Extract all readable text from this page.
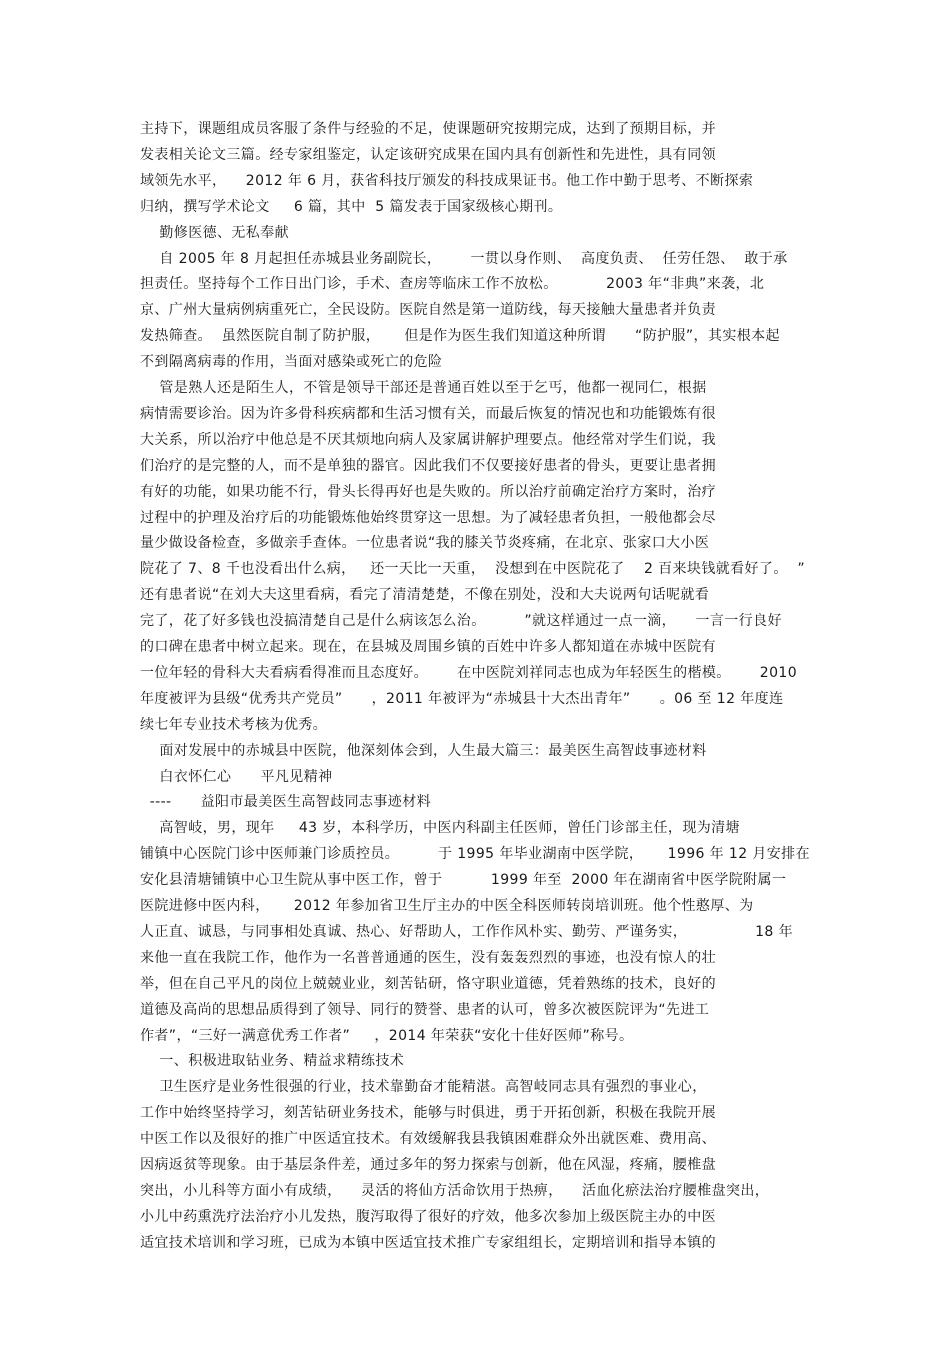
主持下，课题组成员客服了条件与经验的不足，使课题研究按期完成，达到了预期目标，并
发表相关论文三篇。经专家组鉴定，认定该研究成果在国内具有创新性和先进性，具有同领
域领先水平，    2012 年 6 月，获省科技厅颁发的科技成果证书。他工作中勤于思考、不断探索
归纳，撰写学术论文     6 篇，其中  5 篇发表于国家级核心期刊。
勤修医德、无私奉献
自 2005 年 8 月起担任赤城县业务副院长，      一贯以身作则、  高度负责、  任劳任怨、  敢于承
担责任。坚持每个工作日出门诊，手术、查房等临床工作不放松。          2003 年“非典”来袭，北
京、广州大量病例病重死亡，全民设防。医院自然是第一道防线，每天接触大量患者并负责
发热筛查。  虽然医院自制了防护服，     但是作为医生我们知道这种所谓      “防护服”，其实根本起
不到隔离病毒的作用，当面对感染或死亡的危险
管是熟人还是陌生人，不管是领导干部还是普通百姓以至于乞丐，他都一视同仁，根据
病情需要诊治。因为许多骨科疾病都和生活习惯有关，而最后恢复的情况也和功能锻炼有很
大关系，所以治疗中他总是不厌其烦地向病人及家属讲解护理要点。他经常对学生们说，我
们治疗的是完整的人，而不是单独的器官。因此我们不仅要接好患者的骨头，更要让患者拥
有好的功能，如果功能不行，骨头长得再好也是失败的。所以治疗前确定治疗方案时，治疗
过程中的护理及治疗后的功能锻炼他始终贯穿这一思想。为了减轻患者负担，一般他都会尽
量少做设备检查，多做亲手查体。一位患者说“我的膝关节炎疼痛，在北京、张家口大小医
院花了 7、8 千也没看出什么病，   还一天比一天重，  没想到在中医院花了    2 百来块钱就看好了。  ”
还有患者说“在刘大夫这里看病，看完了清清楚楚，不像在别处，没和大夫说两句话呢就看
完了，花了好多钱也没搞清楚自己是什么病该怎么治。        ”就这样通过一点一滴，    一言一行良好
的口碑在患者中树立起来。现在，在县城及周围乡镇的百姓中许多人都知道在赤城中医院有
一位年轻的骨科大夫看病看得准而且态度好。      在中医院刘祥同志也成为年轻医生的楷模。      2010
年度被评为县级“优秀共产党员”      ，2011 年被评为“赤城县十大杰出青年”      。06 至 12 年度连
续七年专业技术考核为优秀。
面对发展中的赤城县中医院，他深刻体会到，人生最大篇三：最美医生高智歧事迹材料
白衣怀仁心      平凡见精神
----      益阳市最美医生高智歧同志事迹材料
高智岐，男，现年     43 岁，本科学历，中医内科副主任医师，曾任门诊部主任，现为清塘
铺镇中心医院门诊中医师兼门诊质控员。        于 1995 年毕业湖南中医学院，     1996 年 12 月安排在
安化县清塘铺镇中心卫生院从事中医工作，曾于          1999 年至  2000 年在湖南省中医学院附属一
医院进修中医内科，     2012 年参加省卫生厅主办的中医全科医师转岗培训班。他个性憨厚、为
人正直、诚恳，与同事相处真诚、热心、好帮助人，工作作风朴实、勤劳、严谨务实，              18 年
来他一直在我院工作，他作为一名普普通通的医生，没有轰轰烈烈的事迹，也没有惊人的壮
举，但在自己平凡的岗位上兢兢业业，刻苦钻研，恪守职业道德，凭着熟练的技术，良好的
道德及高尚的思想品质得到了领导、同行的赞誉、患者的认可，曾多次被医院评为“先进工
作者”，“三好一满意优秀工作者”     ，2014 年荣获“安化十佳好医师”称号。
一、积极进取钻业务、精益求精练技术
卫生医疗是业务性很强的行业，技术靠勤奋才能精湛。高智岐同志具有强烈的事业心，
工作中始终坚持学习，刻苦钻研业务技术，能够与时俱进，勇于开拓创新，积极在我院开展
中医工作以及很好的推广中医适宜技术。有效缓解我县我镇困难群众外出就医难、费用高、
因病返贫等现象。由于基层条件差，通过多年的努力探索与创新，他在风湿，疼痛，腰椎盘
突出，小儿科等方面小有成绩，    灵活的将仙方活命饮用于热痹，    活血化瘀法治疗腰椎盘突出，
小儿中药熏洗疗法治疗小儿发热，腹泻取得了很好的疗效，他多次参加上级医院主办的中医
适宜技术培训和学习班，已成为本镇中医适宜技术推广专家组组长，定期培训和指导本镇的
